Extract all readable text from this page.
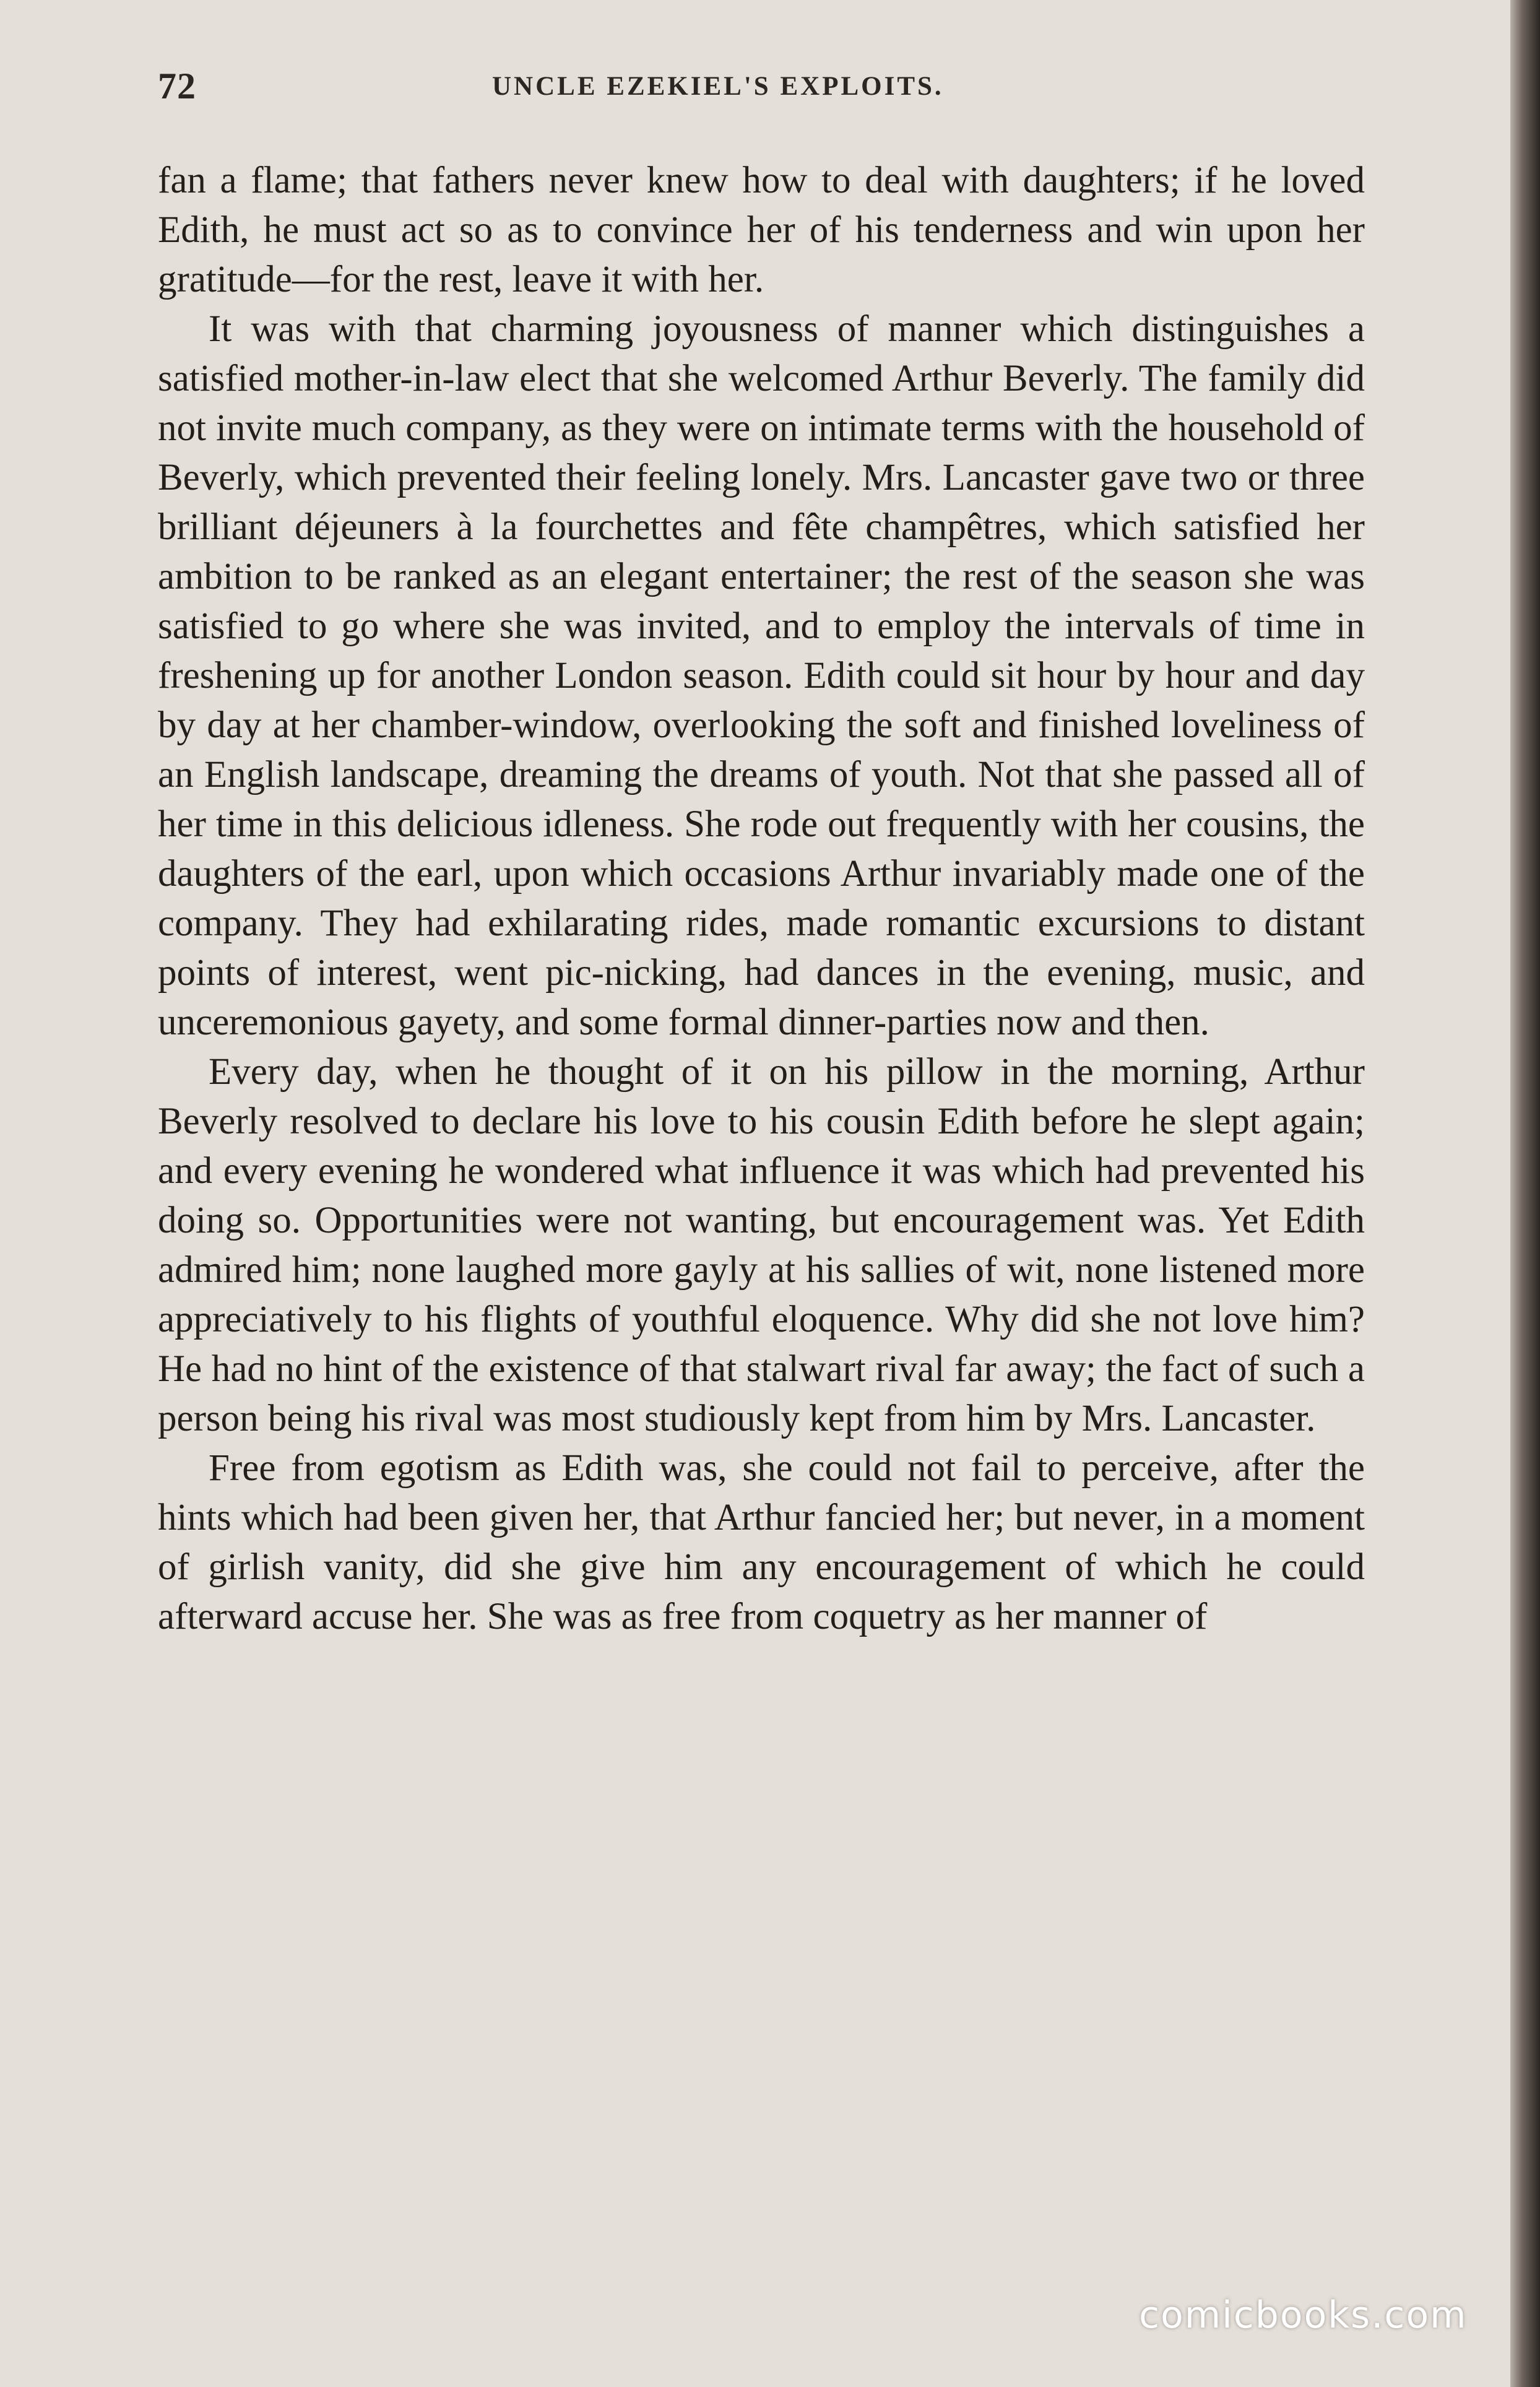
72	UNCLE EZEKIEL'S EXPLOITS.

fan a flame; that fathers never knew how to deal with daughters; if he loved Edith, he must act so as to convince her of his tenderness and win upon her gratitude—for the rest, leave it with her.

It was with that charming joyousness of manner which distinguishes a satisfied mother-in-law elect that she welcomed Arthur Beverly. The family did not invite much company, as they were on intimate terms with the household of Beverly, which prevented their feeling lonely. Mrs. Lancaster gave two or three brilliant déjeuners à la fourchettes and fête champêtres, which satisfied her ambition to be ranked as an elegant entertainer; the rest of the season she was satisfied to go where she was invited, and to employ the intervals of time in freshening up for another London season. Edith could sit hour by hour and day by day at her chamber-window, overlooking the soft and finished loveliness of an English landscape, dreaming the dreams of youth. Not that she passed all of her time in this delicious idleness. She rode out frequently with her cousins, the daughters of the earl, upon which occasions Arthur invariably made one of the company. They had exhilarating rides, made romantic excursions to distant points of interest, went pic-nicking, had dances in the evening, music, and unceremonious gayety, and some formal dinner-parties now and then.

Every day, when he thought of it on his pillow in the morning, Arthur Beverly resolved to declare his love to his cousin Edith before he slept again; and every evening he wondered what influence it was which had prevented his doing so. Opportunities were not wanting, but encouragement was. Yet Edith admired him; none laughed more gayly at his sallies of wit, none listened more appreciatively to his flights of youthful eloquence. Why did she not love him? He had no hint of the existence of that stalwart rival far away; the fact of such a person being his rival was most studiously kept from him by Mrs. Lancaster.

Free from egotism as Edith was, she could not fail to perceive, after the hints which had been given her, that Arthur fancied her; but never, in a moment of girlish vanity, did she give him any encouragement of which he could afterward accuse her. She was as free from coquetry as her manner of

comicbooks.com
